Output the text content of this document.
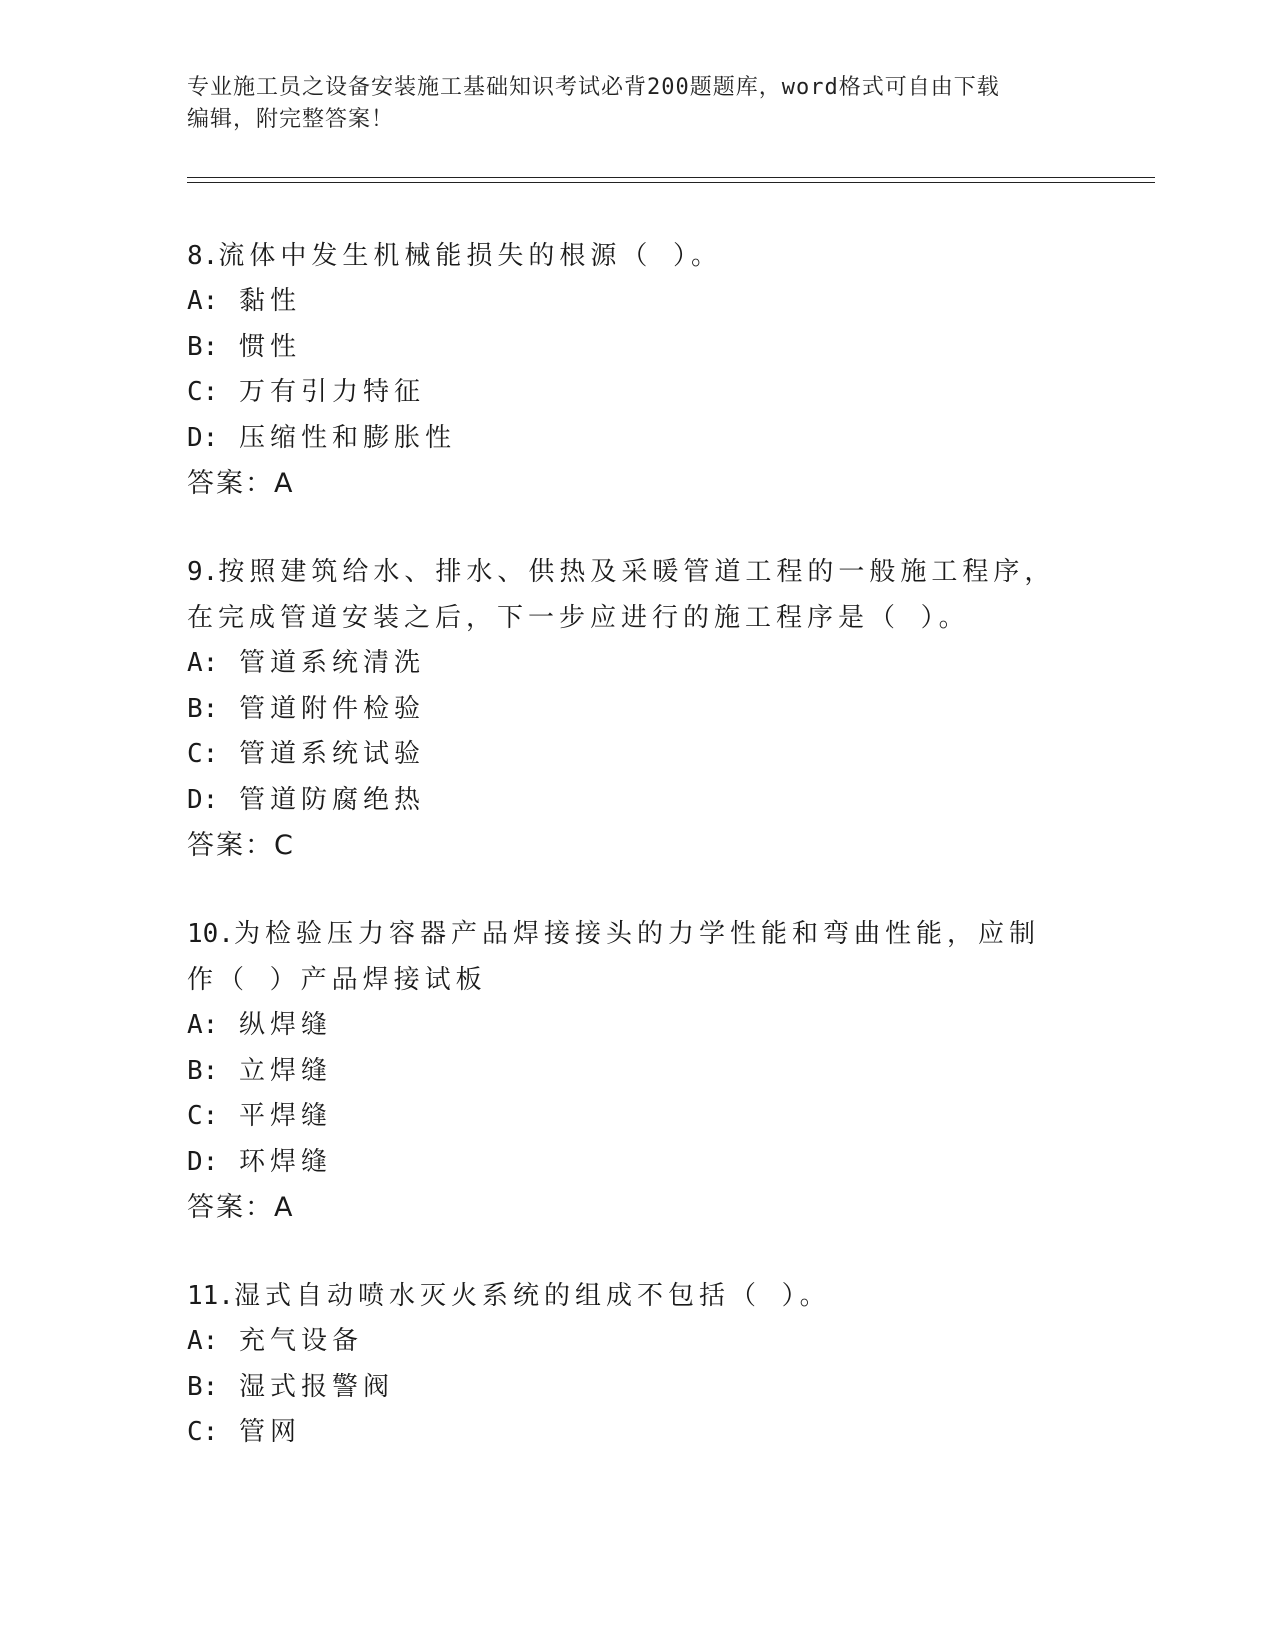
专业施工员之设备安装施工基础知识考试必背200题题库，word格式可自由下载
编辑，附完整答案！
8.流体中发生机械能损失的根源（ ）。
A: 黏性
B: 惯性
C: 万有引力特征
D: 压缩性和膨胀性
答案：A
9.按照建筑给水、排水、供热及采暖管道工程的一般施工程序，在完成管道安装之后，下一步应进行的施工程序是（ ）。
A: 管道系统清洗
B: 管道附件检验
C: 管道系统试验
D: 管道防腐绝热
答案：C
10.为检验压力容器产品焊接接头的力学性能和弯曲性能，应制作（ ）产品焊接试板
A: 纵焊缝
B: 立焊缝
C: 平焊缝
D: 环焊缝
答案：A
11.湿式自动喷水灭火系统的组成不包括（ ）。
A: 充气设备
B: 湿式报警阀
C: 管网
